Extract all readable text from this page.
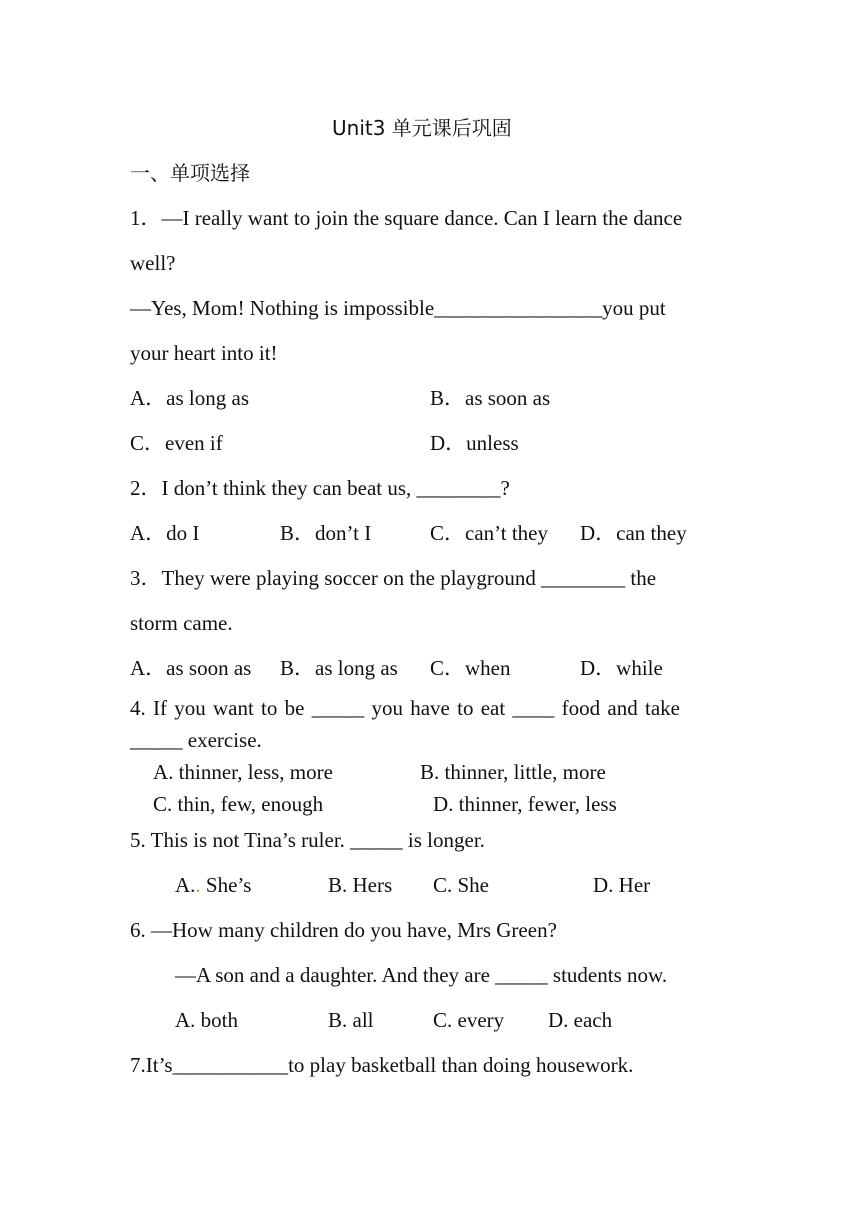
Unit3 单元课后巩固
一、单项选择
1．—I really want to join the square dance. Can I learn the dance
well?
—Yes, Mom! Nothing is impossible________________you put
your heart into it!
A．as long as	B．as soon as
C．even if	D．unless
2．I don’t think they can beat us, ________?
A．do I	B．don’t I	C．can’t they D．can they
3．They were playing soccer on the playground ________ the
storm came.
A．as soon as B．as long as C．when	D．while
4. If you want to be _____ you have to eat ____ food and take
_____ exercise.
A. thinner, less, more	B. thinner, little, more
C. thin, few, enough	D. thinner, fewer, less
5. This is not Tina’s ruler. _____ is longer.
A.. She’s	B. Hers C. She	D. Her
6. —How many children do you have, Mrs Green?
—A son and a daughter. And they are _____ students now.
A. both	B. all	C. every D. each
7.It’s___________to play basketball than doing housework.
